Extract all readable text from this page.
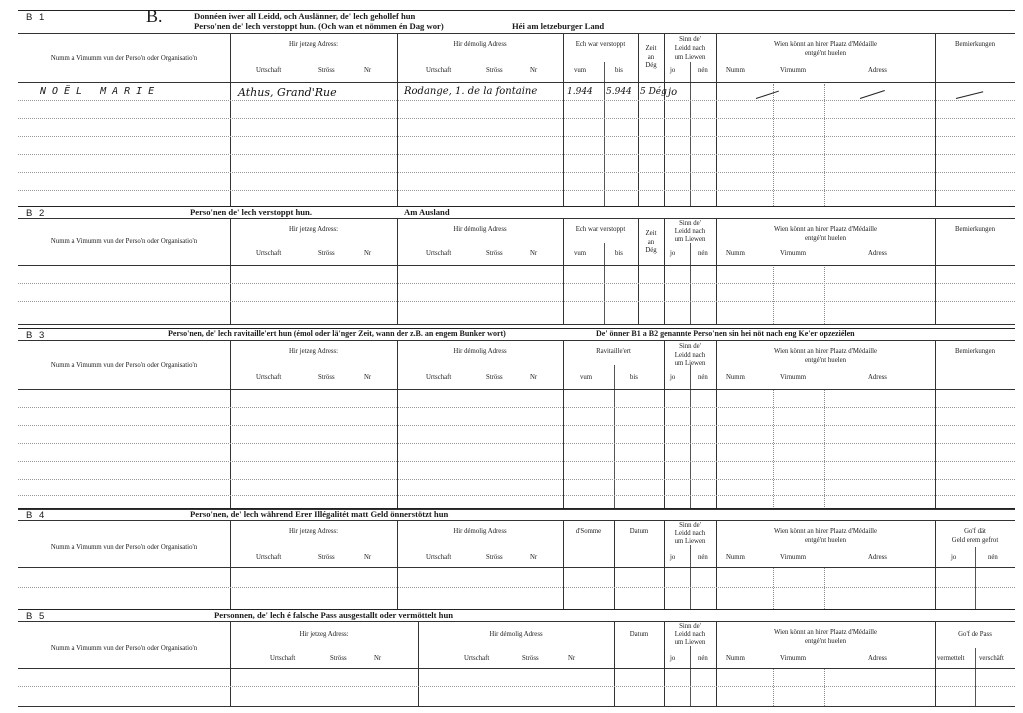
B 1	B.	Donnéen iwer all Leidd, och Auslänner, de' lech gehollef hun
Perso'nen de' lech verstoppt hun. (Och wan et nömmen én Dag wor)	Héi am letzeburger Land
Numm a Vimumm vun der Perso'n oder Organisatio'n
Hir jetzeg Adress:
Urtschaft	Ströss	Nr
Hir démolig Adress
Urtschaft	Ströss	Nr
Ech war verstoppt
vum	bis
Zeit
an
Dég
Sinn de'
Leidd nach
um Liewen
jo	nén
Wien könnt an hirer Plaatz d'Médaille
entgé'nt huelen
Numm	Virnumm	Adress
Bemierkungen
NOËL MARIE	Athus, Grand'Rue	Rodange, 1. de la fontaine	1.944 5.944 5 Dég jo
B 2	Perso'nen de' lech verstoppt hun.	Am Ausland
Numm a Vimumm vun der Perso'n oder Organisatio'n
Hir jetzeg Adress:
Urtschaft	Ströss	Nr
Hir démolig Adress
Urtschaft	Ströss	Nr
Ech war verstoppt
vum	bis
Zeit
an
Dég
Sinn de'
Leidd nach
um Liewen
jo	nén
Wien könnt an hirer Plaatz d'Médaille
entgé'nt huelen
Numm	Virnumm	Adress
Bemierkungen
B 3	Perso'nen, de' lech ravitaille'ert hun (émol oder lä'nger Zeit, wann der z.B. an engem Bunker wort)	De' önner B1 a B2 genannte Perso'nen sin hei nöt nach eng Ke'er opzeziélen
Numm a Vimumm vun der Perso'n oder Organisatio'n
Hir jetzeg Adress:
Urtschaft	Ströss	Nr
Hir démolig Adress
Urtschaft	Ströss	Nr
Ravitaille'ert
vum	bis
Sinn de'
Leidd nach
um Liewen
jo	nén
Wien könnt an hirer Plaatz d'Médaille
entgé'nt huelen
Numm	Virnumm	Adress
Bemierkungen
B 4	Perso'nen, de' lech während Erer Illégalitét matt Geld önnerstötzt hun
Numm a Vimumm vun der Perso'n oder Organisatio'n
Hir jetzeg Adress:
Urtschaft	Ströss	Nr
Hir démolig Adress
Urtschaft	Ströss	Nr
d'Somme	Datum
Sinn de'
Leidd nach
um Liewen
jo	nén
Wien könnt an hirer Plaatz d'Médaille
entgé'nt huelen
Numm	Virnumm	Adress
Go'f dät
Geld erem gefrot
jo	nén
B 5	Personnen, de' lech é falsche Pass ausgestallt oder vermöttelt hun
Numm a Vimumm vun der Perso'n oder Organisatio'n
Hir jetzeg Adress:
Urtschaft	Ströss	Nr
Hir démolig Adress
Urtschaft	Ströss	Nr
Datum
Sinn de'
Leidd nach
um Liewen
jo	nén
Wien könnt an hirer Plaatz d'Médaille
entgé'nt huelen
Numm	Virnumm	Adress
Go'f de Pass
vermettelt verschäft
